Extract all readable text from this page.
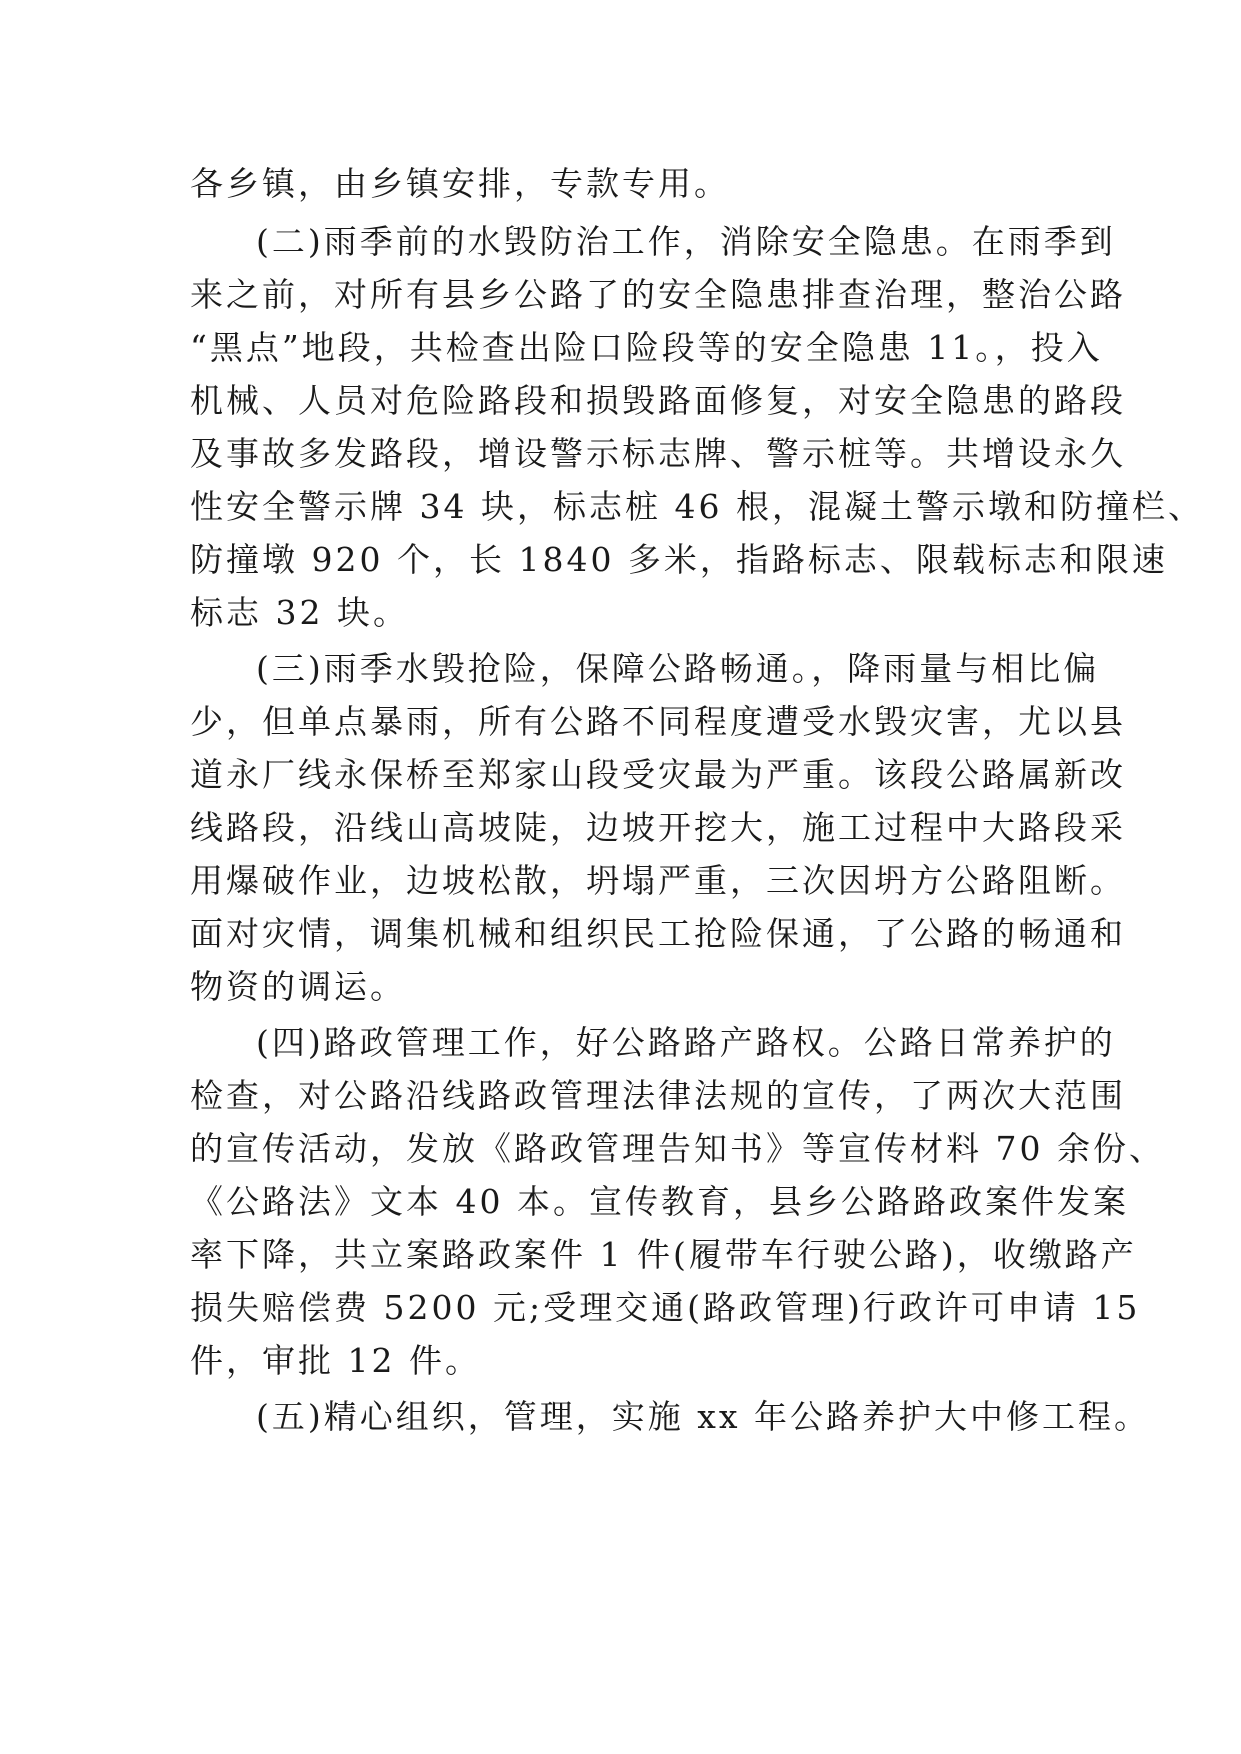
各乡镇，由乡镇安排，专款专用。
(二)雨季前的水毁防治工作，消除安全隐患。在雨季到
来之前，对所有县乡公路了的安全隐患排查治理，整治公路
“黑点”地段，共检查出险口险段等的安全隐患 11。，投入
机械、人员对危险路段和损毁路面修复，对安全隐患的路段
及事故多发路段，增设警示标志牌、警示桩等。共增设永久
性安全警示牌 34 块，标志桩 46 根，混凝土警示墩和防撞栏、
防撞墩 920 个，长 1840 多米，指路标志、限载标志和限速
标志 32 块。
(三)雨季水毁抢险，保障公路畅通。，降雨量与相比偏
少，但单点暴雨，所有公路不同程度遭受水毁灾害，尤以县
道永厂线永保桥至郑家山段受灾最为严重。该段公路属新改
线路段，沿线山高坡陡，边坡开挖大，施工过程中大路段采
用爆破作业，边坡松散，坍塌严重，三次因坍方公路阻断。
面对灾情，调集机械和组织民工抢险保通，了公路的畅通和
物资的调运。
(四)路政管理工作，好公路路产路权。公路日常养护的
检查，对公路沿线路政管理法律法规的宣传，了两次大范围
的宣传活动，发放《路政管理告知书》等宣传材料 70 余份、
《公路法》文本 40 本。宣传教育，县乡公路路政案件发案
率下降，共立案路政案件 1 件(履带车行驶公路)，收缴路产
损失赔偿费 5200 元;受理交通(路政管理)行政许可申请 15
件，审批 12 件。
(五)精心组织，管理，实施 xx 年公路养护大中修工程。
